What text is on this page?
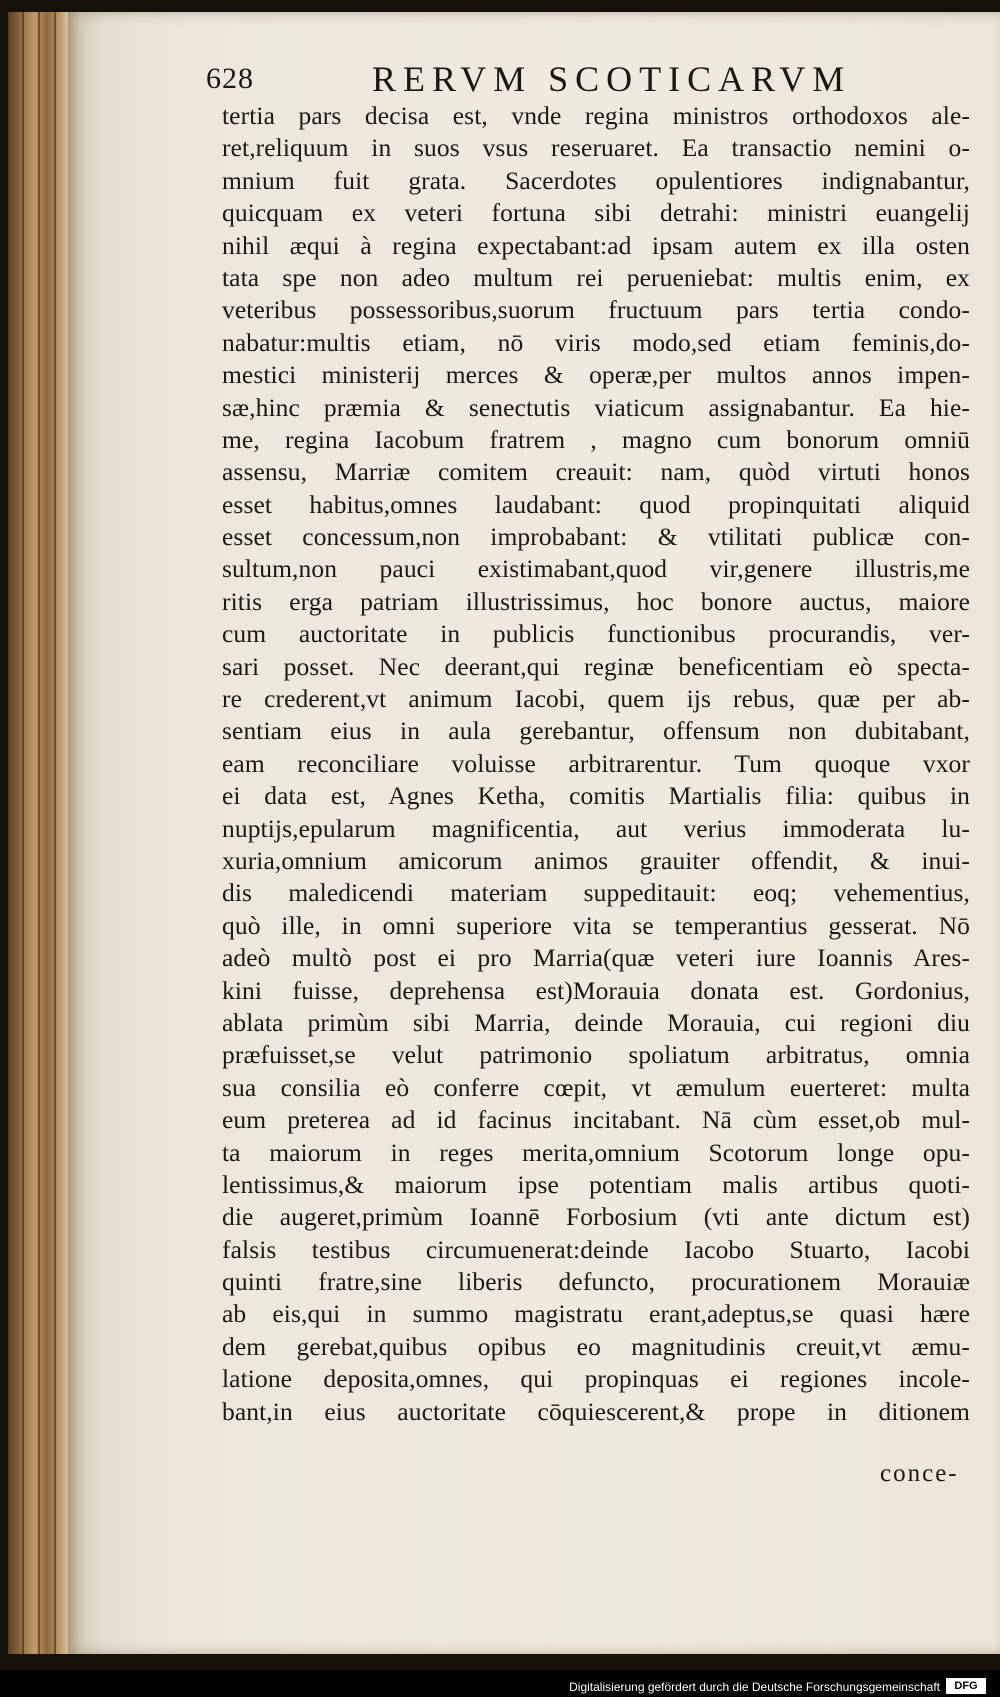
628	RERVM SCOTICARVM
tertia pars decisa est, vnde regina ministros orthodoxos ale-
ret,reliquum in suos vsus reseruaret. Ea transactio nemini o-
mnium fuit grata. Sacerdotes opulentiores indignabantur,
quicquam ex veteri fortuna sibi detrahi: ministri euangelij
nihil æqui à regina expectabant:ad ipsam autem ex illa osten
tata spe non adeo multum rei perueniebat: multis enim, ex
veteribus possessoribus,suorum fructuum pars tertia condo-
nabatur:multis etiam, nō viris modo,sed etiam feminis,do-
mestici ministerij merces & operæ,per multos annos impen-
sæ,hinc præmia & senectutis viaticum assignabantur. Ea hie-
me, regina Iacobum fratrem , magno cum bonorum omniū
assensu, Marriæ comitem creauit: nam, quòd virtuti honos
esset habitus,omnes laudabant: quod propinquitati aliquid
esset concessum,non improbabant: & vtilitati publicæ con-
sultum,non pauci existimabant,quod vir,genere illustris,me
ritis erga patriam illustrissimus, hoc bonore auctus, maiore
cum auctoritate in publicis functionibus procurandis, ver-
sari posset. Nec deerant,qui reginæ beneficentiam eò specta-
re crederent,vt animum Iacobi, quem ijs rebus, quæ per ab-
sentiam eius in aula gerebantur, offensum non dubitabant,
eam reconciliare voluisse arbitrarentur. Tum quoque vxor
ei data est, Agnes Ketha, comitis Martialis filia: quibus in
nuptijs,epularum magnificentia, aut verius immoderata lu-
xuria,omnium amicorum animos grauiter offendit, & inui-
dis maledicendi materiam suppeditauit: eoq; vehementius,
quò ille, in omni superiore vita se temperantius gesserat. Nō
adeò multò post ei pro Marria(quæ veteri iure Ioannis Ares-
kini fuisse, deprehensa est)Morauia donata est. Gordonius,
ablata primùm sibi Marria, deinde Morauia, cui regioni diu
præfuisset,se velut patrimonio spoliatum arbitratus, omnia
sua consilia eò conferre cœpit, vt æmulum euerteret: multa
eum preterea ad id facinus incitabant. Nā cùm esset,ob mul-
ta maiorum in reges merita,omnium Scotorum longe opu-
lentissimus,& maiorum ipse potentiam malis artibus quoti-
die augeret,primùm Ioannē Forbosium (vti ante dictum est)
falsis testibus circumuenerat:deinde Iacobo Stuarto, Iacobi
quinti fratre,sine liberis defuncto, procurationem Morauiæ
ab eis,qui in summo magistratu erant,adeptus,se quasi hære
dem gerebat,quibus opibus eo magnitudinis creuit,vt æmu-
latione deposita,omnes, qui propinquas ei regiones incole-
bant,in eius auctoritate cōquiescerent,& prope in ditionem
conce-
Digitalisierung gefördert durch die Deutsche Forschungsgemeinschaft	DFG
